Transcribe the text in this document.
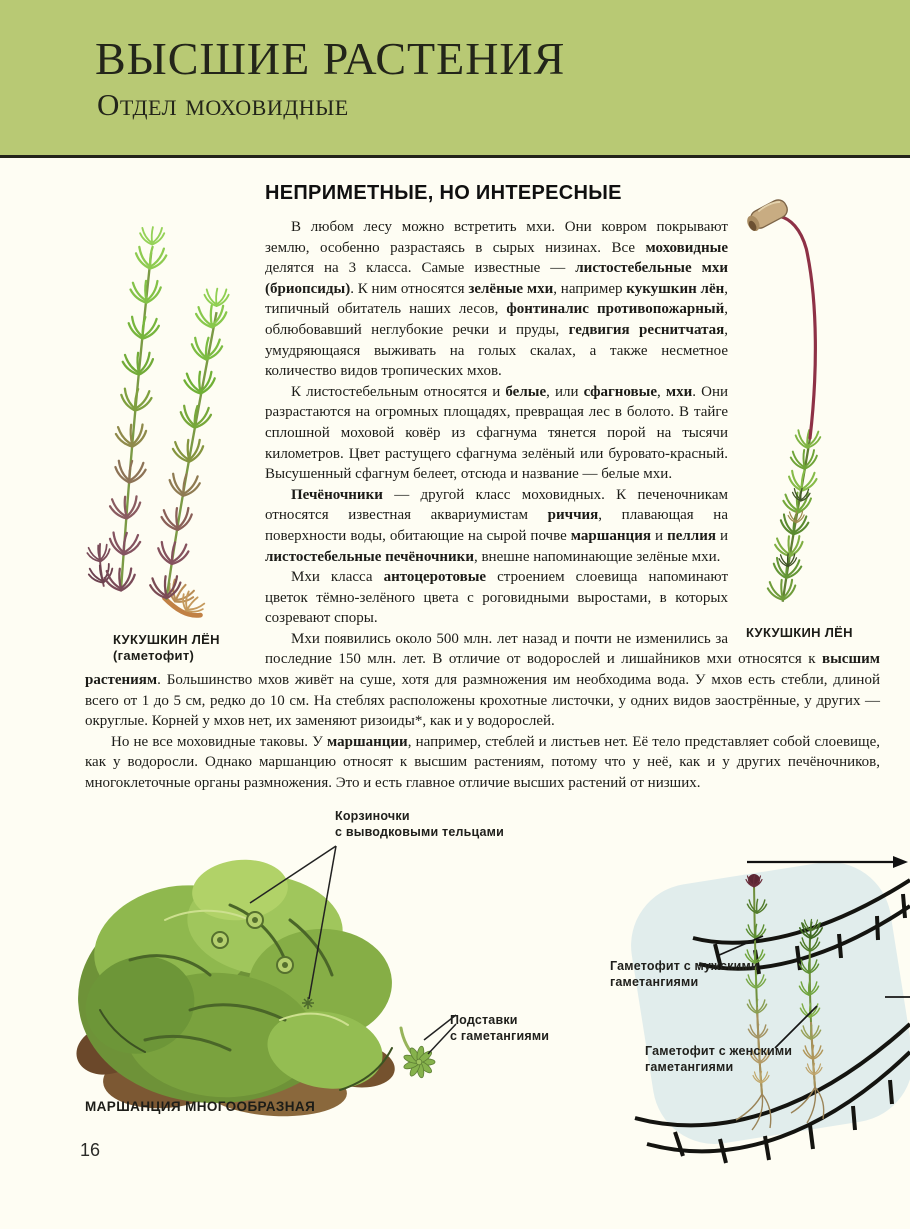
ВЫСШИЕ РАСТЕНИЯ
Отдел моховидные
КУКУШКИН ЛЁН
(гаметофит)
КУКУШКИН ЛЁН
НЕПРИМЕТНЫЕ, НО ИНТЕРЕСНЫЕ

В любом лесу можно встретить мхи. Они ковром покрывают землю, особенно разрастаясь в сырых низинах. Все моховидные делятся на 3 класса. Самые известные — листостебельные мхи (бриопсиды). К ним относятся зелёные мхи, например кукушкин лён, типичный обитатель наших лесов, фонтиналис противопожарный, облюбовавший неглубокие речки и пруды, гедвигия реснитчатая, умудряющаяся выживать на голых скалах, а также несметное количество видов тропических мхов.

К листостебельным относятся и белые, или сфагновые, мхи. Они разрастаются на огромных площадях, превращая лес в болото. В тайге сплошной моховой ковёр из сфагнума тянется порой на тысячи километров. Цвет растущего сфагнума зелёный или буровато-красный. Высушенный сфагнум белеет, отсюда и название — белые мхи.

Печёночники — другой класс моховидных. К печеночникам относятся известная аквариумистам риччия, плавающая на поверхности воды, обитающие на сырой почве маршанция и пеллия и листостебельные печёночники, внешне напоминающие зелёные мхи.

Мхи класса антоцеротовые строением слоевища напоминают цветок тёмно-зелёного цвета с роговидными выростами, в которых созревают споры.

Мхи появились около 500 млн. лет назад и почти не изменились за последние 150 млн. лет. В отличие от водорослей и лишайников мхи относятся к высшим растениям. Большинство мхов живёт на суше, хотя для размножения им необходима вода. У мхов есть стебли, длиной всего от 1 до 5 см, редко до 10 см. На стеблях расположены крохотные листочки, у одних видов заострённые, у других — округлые. Корней у мхов нет, их заменяют ризоиды*, как и у водорослей.

Но не все моховидные таковы. У маршанции, например, стеблей и листьев нет. Её тело представляет собой слоевище, как у водоросли. Однако маршанцию относят к высшим растениям, потому что у неё, как и у других печёночников, многоклеточные органы размножения. Это и есть главное отличие высших растений от низших.

Корзиночки
с выводковыми тельцами
Подставки
с гаметангиями
Гаметофит с мужскими
гаметангиями
Гаметофит с женскими
гаметангиями
МАРШАНЦИЯ МНОГООБРАЗНАЯ
16
